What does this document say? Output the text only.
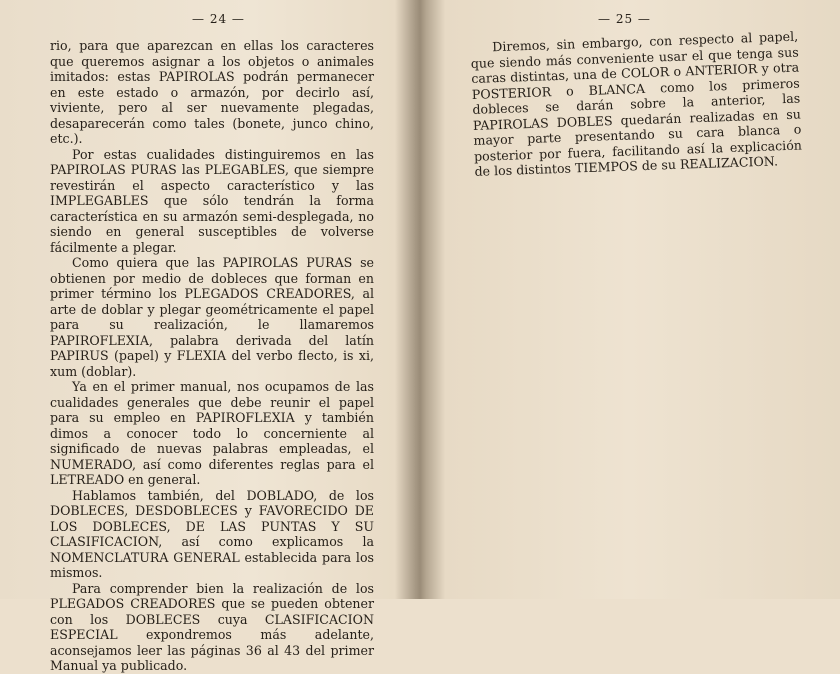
— 24 —

rio, para que aparezcan en ellas los caracteres que queremos asignar a los objetos o animales imitados: estas PAPIROLAS podrán permanecer en este estado o armazón, por decirlo así, viviente, pero al ser nuevamente plegadas, desaparecerán como tales (bonete, junco chino, etc.).

Por estas cualidades distinguiremos en las PAPIROLAS PURAS las PLEGABLES, que siempre revestirán el aspecto característico y las IMPLEGABLES que sólo tendrán la forma característica en su armazón semi-desplegada, no siendo en general susceptibles de volverse fácilmente a plegar.

Como quiera que las PAPIROLAS PURAS se obtienen por medio de dobleces que forman en primer término los PLEGADOS CREADORES, al arte de doblar y plegar geométricamente el papel para su realización, le llamaremos PAPIROFLEXIA, palabra derivada del latín PAPIRUS (papel) y FLEXIA del verbo flecto, is xi, xum (doblar).

Ya en el primer manual, nos ocupamos de las cualidades generales que debe reunir el papel para su empleo en PAPIROFLEXIA y también dimos a conocer todo lo concerniente al significado de nuevas palabras empleadas, el NUMERADO, así como diferentes reglas para el LETREADO en general.

Hablamos también, del DOBLADO, de los DOBLECES, DESDOBLECES y FAVORECIDO DE LOS DOBLECES, DE LAS PUNTAS Y SU CLASIFICACION, así como explicamos la NOMENCLATURA GENERAL establecida para los mismos.

Para comprender bien la realización de los PLEGADOS CREADORES que se pueden obtener con los DOBLECES cuya CLASIFICACION ESPECIAL expondremos más adelante, aconsejamos leer las páginas 36 al 43 del primer Manual ya publicado.

— 25 —

Diremos, sin embargo, con respecto al papel, que siendo más conveniente usar el que tenga sus caras distintas, una de COLOR o ANTERIOR y otra POSTERIOR o BLANCA como los primeros dobleces se darán sobre la anterior, las PAPIROLAS DOBLES quedarán realizadas en su mayor parte presentando su cara blanca o posterior por fuera, facilitando así la explicación de los distintos TIEMPOS de su REALIZACION.
